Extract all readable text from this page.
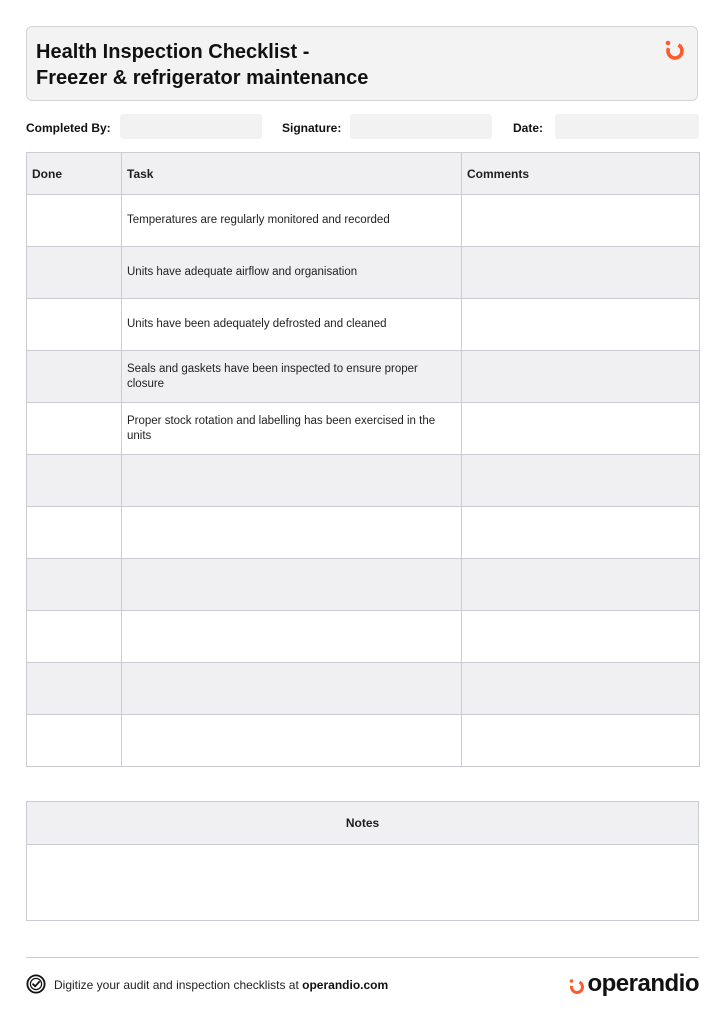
Health Inspection Checklist -
Freezer & refrigerator maintenance
Completed By:	Signature:	Date:
Done	Task	Comments
	Temperatures are regularly monitored and recorded	
	Units have adequate airflow and organisation	
	Units have been adequately defrosted and cleaned	
	Seals and gaskets have been inspected to ensure proper closure	
	Proper stock rotation and labelling has been exercised in the units	

Notes
Digitize your audit and inspection checklists at operandio.com	operandio
